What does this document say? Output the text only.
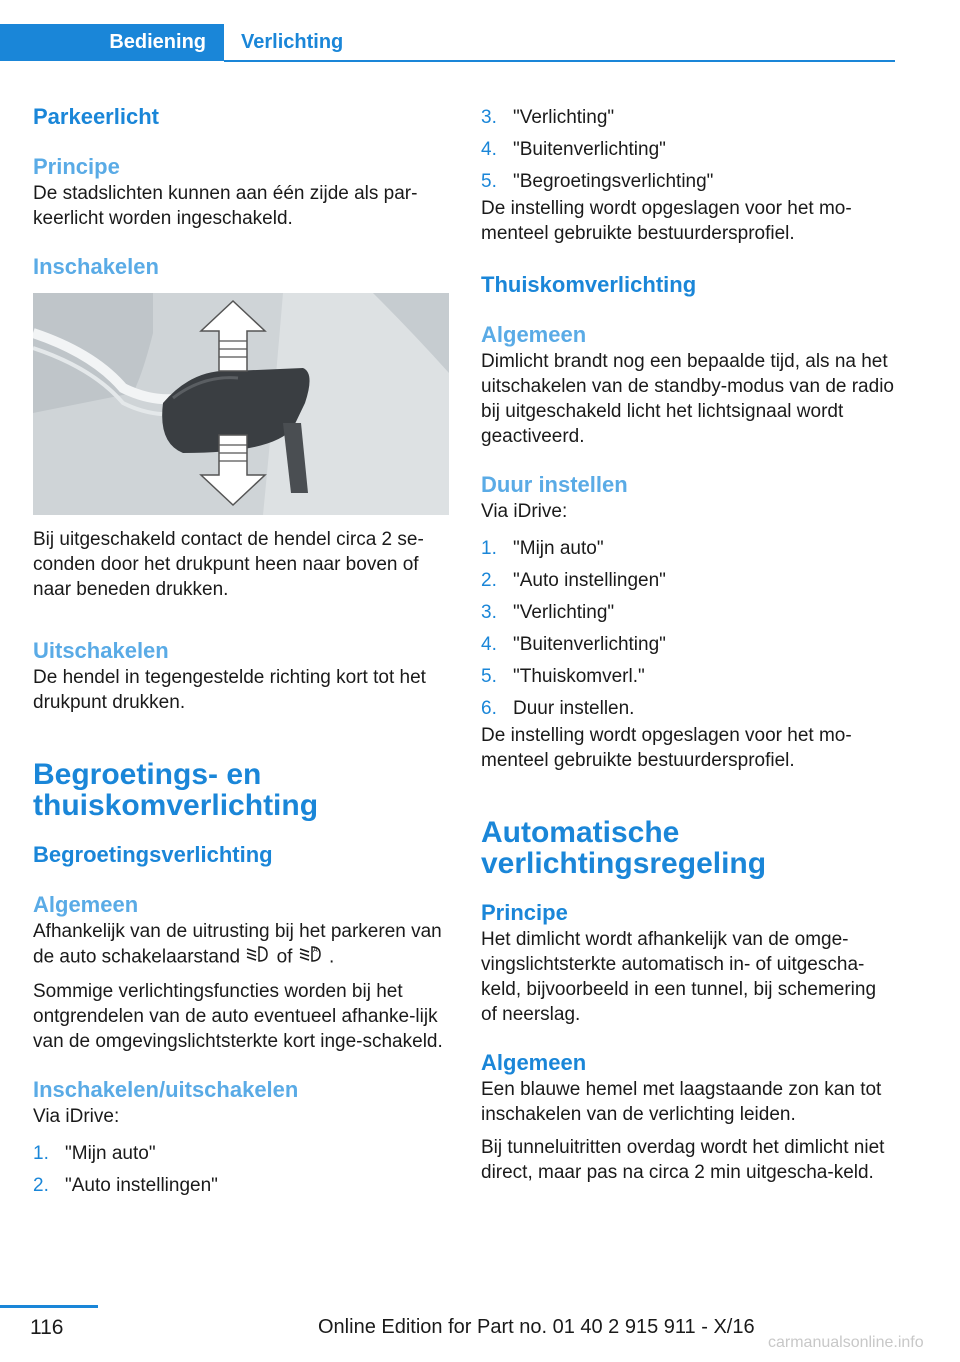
Bediening	Verlichting
Parkeerlicht
Principe
De stadslichten kunnen aan één zijde als par-keerlicht worden ingeschakeld.
Inschakelen
Bij uitgeschakeld contact de hendel circa 2 se-conden door het drukpunt heen naar boven of naar beneden drukken.
Uitschakelen
De hendel in tegengestelde richting kort tot het drukpunt drukken.
Begroetings- en
thuiskomverlichting
Begroetingsverlichting
Algemeen
Afhankelijk van de uitrusting bij het parkeren van de auto schakelaarstand of	A .
Sommige verlichtingsfuncties worden bij het ontgrendelen van de auto eventueel afhanke-lijk van de omgevingslichtsterkte kort inge-schakeld.
Inschakelen/uitschakelen
Via iDrive:
1. "Mijn auto"
2. "Auto instellingen"
3. "Verlichting"
4. "Buitenverlichting"
5. "Begroetingsverlichting"
De instelling wordt opgeslagen voor het mo-menteel gebruikte bestuurdersprofiel.
Thuiskomverlichting
Algemeen
Dimlicht brandt nog een bepaalde tijd, als na het uitschakelen van de standby-modus van de radio bij uitgeschakeld licht het lichtsignaal wordt geactiveerd.
Duur instellen
Via iDrive:
1. "Mijn auto"
2. "Auto instellingen"
3. "Verlichting"
4. "Buitenverlichting"
5. "Thuiskomverl."
6. Duur instellen.
De instelling wordt opgeslagen voor het mo-menteel gebruikte bestuurdersprofiel.
Automatische
verlichtingsregeling
Principe
Het dimlicht wordt afhankelijk van de omge-vingslichtsterkte automatisch in- of uitgescha-keld, bijvoorbeeld in een tunnel, bij schemering of neerslag.
Algemeen
Een blauwe hemel met laagstaande zon kan tot inschakelen van de verlichting leiden.
Bij tunneluitritten overdag wordt het dimlicht niet direct, maar pas na circa 2 min uitgescha-keld.
116	Online Edition for Part no. 01 40 2 915 911 - X/16
carmanualsonline.info
